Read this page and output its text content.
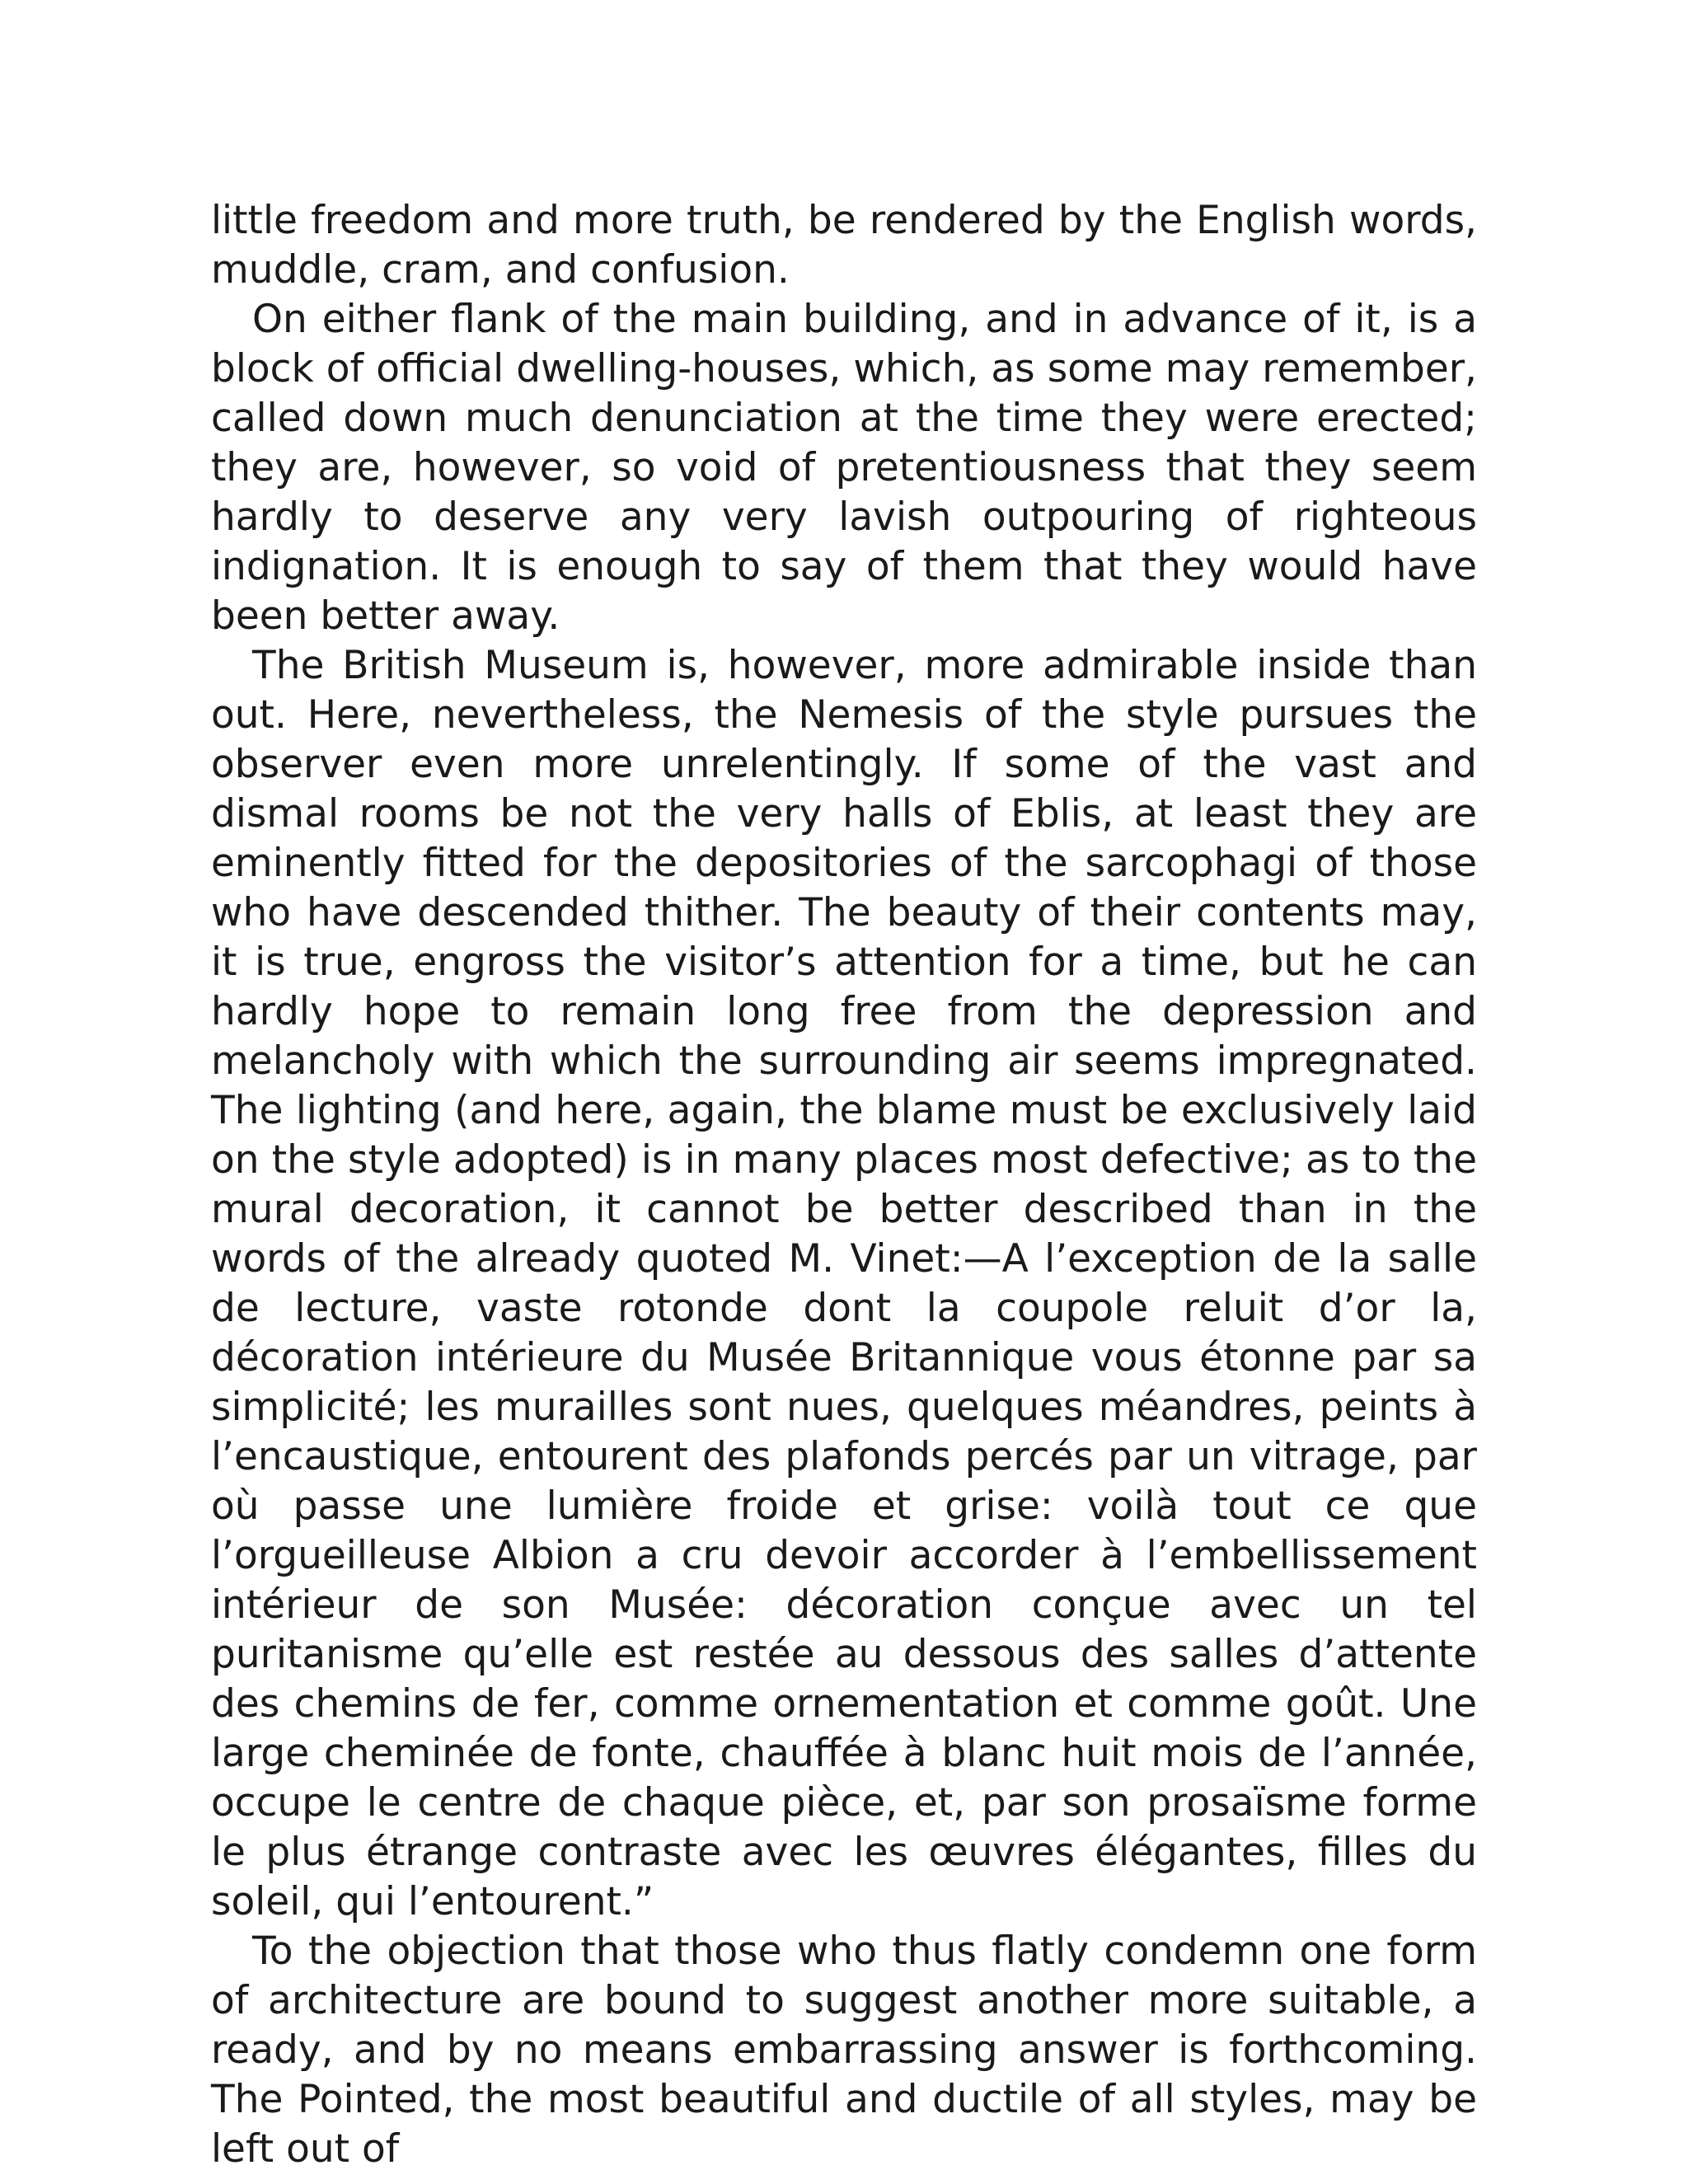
little freedom and more truth, be rendered by the English words, muddle, cram, and confusion.

On either flank of the main building, and in advance of it, is a block of official dwelling-houses, which, as some may remember, called down much denunciation at the time they were erected; they are, however, so void of pretentiousness that they seem hardly to deserve any very lavish outpouring of righteous indignation. It is enough to say of them that they would have been better away.

The British Museum is, however, more admirable inside than out. Here, nevertheless, the Nemesis of the style pursues the observer even more unrelentingly. If some of the vast and dismal rooms be not the very halls of Eblis, at least they are eminently fitted for the depositories of the sarcophagi of those who have descended thither. The beauty of their contents may, it is true, engross the visitor’s attention for a time, but he can hardly hope to remain long free from the depression and melancholy with which the surrounding air seems impregnated. The lighting (and here, again, the blame must be exclusively laid on the style adopted) is in many places most defective; as to the mural decoration, it cannot be better described than in the words of the already quoted M. Vinet:—A l’exception de la salle de lecture, vaste rotonde dont la coupole reluit d’or la, décoration intérieure du Musée Britannique vous étonne par sa simplicité; les murailles sont nues, quelques méandres, peints à l’encaustique, entourent des plafonds percés par un vitrage, par où passe une lumière froide et grise: voilà tout ce que l’orgueilleuse Albion a cru devoir accorder à l’embellissement intérieur de son Musée: décoration conçue avec un tel puritanisme qu’elle est restée au dessous des salles d’attente des chemins de fer, comme ornementation et comme goût. Une large cheminée de fonte, chauffée à blanc huit mois de l’année, occupe le centre de chaque pièce, et, par son prosaïsme forme le plus étrange contraste avec les œuvres élégantes, filles du soleil, qui l’entourent.”

To the objection that those who thus flatly condemn one form of architecture are bound to suggest another more suitable, a ready, and by no means embarrassing answer is forthcoming. The Pointed, the most beautiful and ductile of all styles, may be left out of
